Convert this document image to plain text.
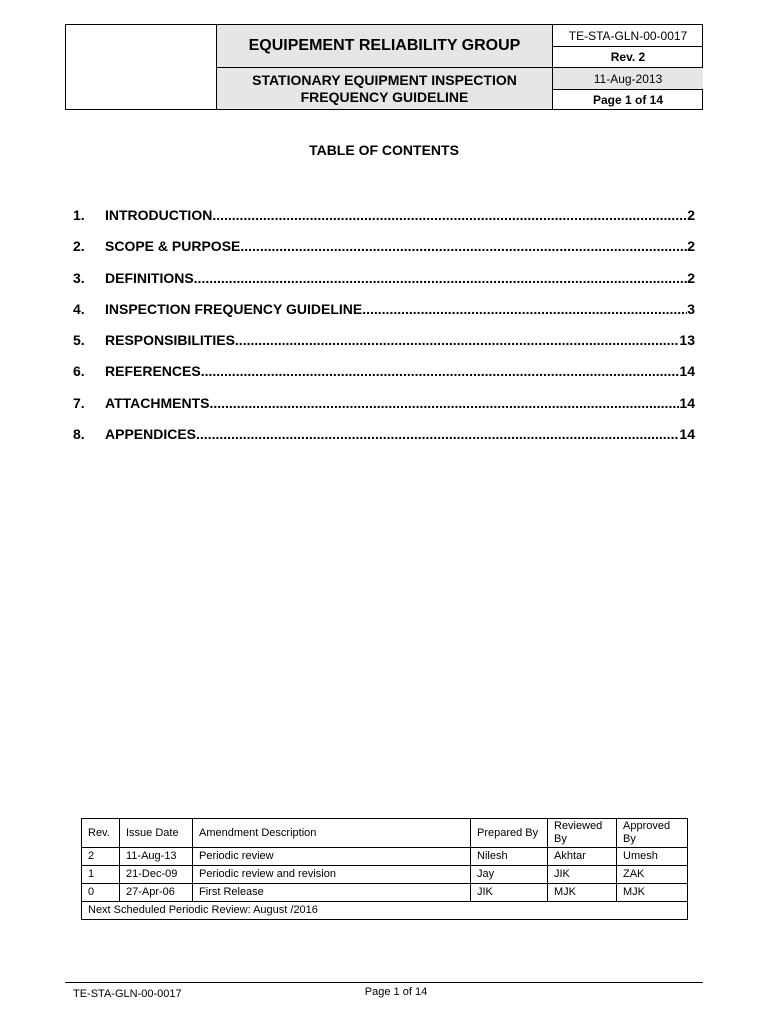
EQUIPEMENT RELIABILITY GROUP
STATIONARY EQUIPMENT INSPECTION
FREQUENCY GUIDELINE
TE-STA-GLN-00-0017
Rev. 2
11-Aug-2013
Page 1 of 14
TABLE OF CONTENTS
1.	INTRODUCTION .....	2
2.	SCOPE & PURPOSE .....	2
3.	DEFINITIONS .....	2
4.	INSPECTION FREQUENCY GUIDELINE .....	3
5.	RESPONSIBILITIES .....	13
6.	REFERENCES .....	14
7.	ATTACHMENTS .....	14
8.	APPENDICES .....	14
Rev.	Issue Date	Amendment Description	Prepared By	Reviewed By	Approved By
2	11-Aug-13	Periodic review	Nilesh	Akhtar	Umesh
1	21-Dec-09	Periodic review and revision	Jay	JIK	ZAK
0	27-Apr-06	First Release	JIK	MJK	MJK
Next Scheduled Periodic Review: August /2016					
TE-STA-GLN-00-0017	Page 1 of 14
